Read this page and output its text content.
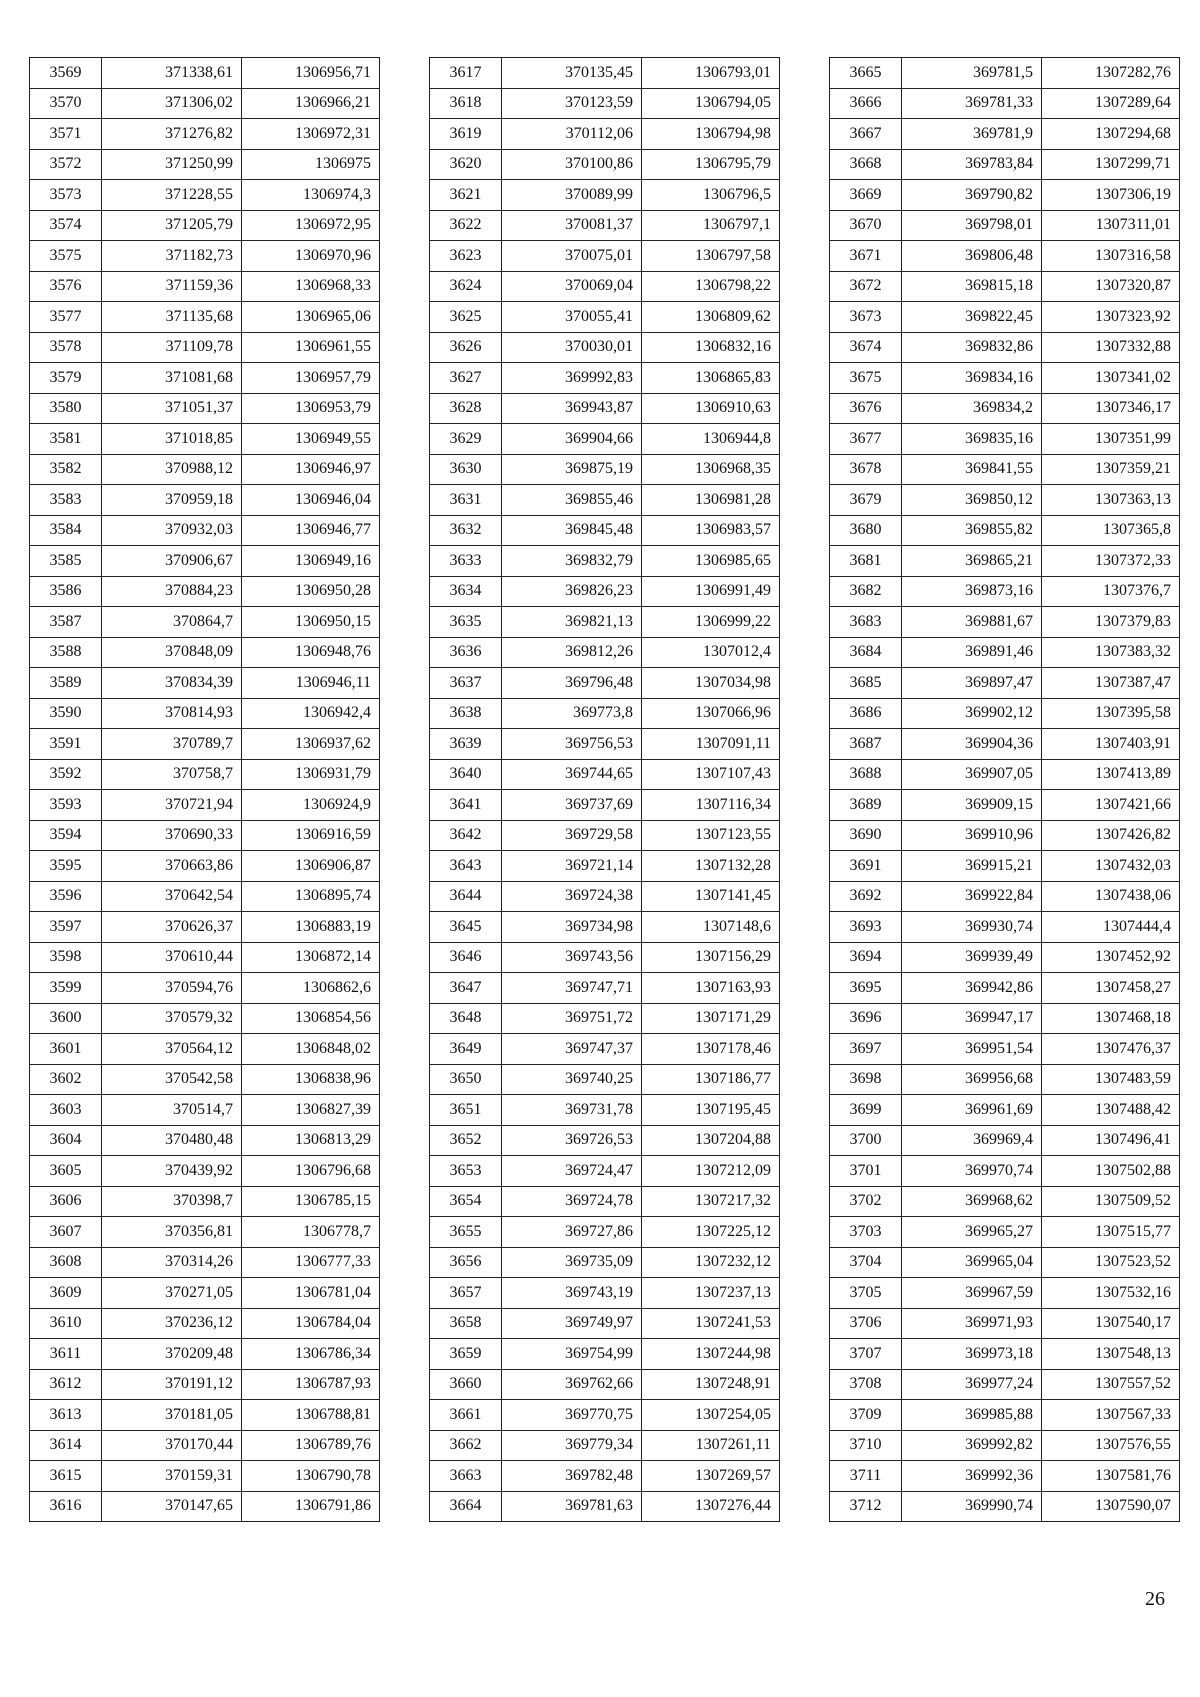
3569	371338,61	1306956,71
3570	371306,02	1306966,21
3571	371276,82	1306972,31
3572	371250,99	1306975
3573	371228,55	1306974,3
3574	371205,79	1306972,95
3575	371182,73	1306970,96
3576	371159,36	1306968,33
3577	371135,68	1306965,06
3578	371109,78	1306961,55
3579	371081,68	1306957,79
3580	371051,37	1306953,79
3581	371018,85	1306949,55
3582	370988,12	1306946,97
3583	370959,18	1306946,04
3584	370932,03	1306946,77
3585	370906,67	1306949,16
3586	370884,23	1306950,28
3587	370864,7	1306950,15
3588	370848,09	1306948,76
3589	370834,39	1306946,11
3590	370814,93	1306942,4
3591	370789,7	1306937,62
3592	370758,7	1306931,79
3593	370721,94	1306924,9
3594	370690,33	1306916,59
3595	370663,86	1306906,87
3596	370642,54	1306895,74
3597	370626,37	1306883,19
3598	370610,44	1306872,14
3599	370594,76	1306862,6
3600	370579,32	1306854,56
3601	370564,12	1306848,02
3602	370542,58	1306838,96
3603	370514,7	1306827,39
3604	370480,48	1306813,29
3605	370439,92	1306796,68
3606	370398,7	1306785,15
3607	370356,81	1306778,7
3608	370314,26	1306777,33
3609	370271,05	1306781,04
3610	370236,12	1306784,04
3611	370209,48	1306786,34
3612	370191,12	1306787,93
3613	370181,05	1306788,81
3614	370170,44	1306789,76
3615	370159,31	1306790,78
3616	370147,65	1306791,86
3617	370135,45	1306793,01
3618	370123,59	1306794,05
3619	370112,06	1306794,98
3620	370100,86	1306795,79
3621	370089,99	1306796,5
3622	370081,37	1306797,1
3623	370075,01	1306797,58
3624	370069,04	1306798,22
3625	370055,41	1306809,62
3626	370030,01	1306832,16
3627	369992,83	1306865,83
3628	369943,87	1306910,63
3629	369904,66	1306944,8
3630	369875,19	1306968,35
3631	369855,46	1306981,28
3632	369845,48	1306983,57
3633	369832,79	1306985,65
3634	369826,23	1306991,49
3635	369821,13	1306999,22
3636	369812,26	1307012,4
3637	369796,48	1307034,98
3638	369773,8	1307066,96
3639	369756,53	1307091,11
3640	369744,65	1307107,43
3641	369737,69	1307116,34
3642	369729,58	1307123,55
3643	369721,14	1307132,28
3644	369724,38	1307141,45
3645	369734,98	1307148,6
3646	369743,56	1307156,29
3647	369747,71	1307163,93
3648	369751,72	1307171,29
3649	369747,37	1307178,46
3650	369740,25	1307186,77
3651	369731,78	1307195,45
3652	369726,53	1307204,88
3653	369724,47	1307212,09
3654	369724,78	1307217,32
3655	369727,86	1307225,12
3656	369735,09	1307232,12
3657	369743,19	1307237,13
3658	369749,97	1307241,53
3659	369754,99	1307244,98
3660	369762,66	1307248,91
3661	369770,75	1307254,05
3662	369779,34	1307261,11
3663	369782,48	1307269,57
3664	369781,63	1307276,44
3665	369781,5	1307282,76
3666	369781,33	1307289,64
3667	369781,9	1307294,68
3668	369783,84	1307299,71
3669	369790,82	1307306,19
3670	369798,01	1307311,01
3671	369806,48	1307316,58
3672	369815,18	1307320,87
3673	369822,45	1307323,92
3674	369832,86	1307332,88
3675	369834,16	1307341,02
3676	369834,2	1307346,17
3677	369835,16	1307351,99
3678	369841,55	1307359,21
3679	369850,12	1307363,13
3680	369855,82	1307365,8
3681	369865,21	1307372,33
3682	369873,16	1307376,7
3683	369881,67	1307379,83
3684	369891,46	1307383,32
3685	369897,47	1307387,47
3686	369902,12	1307395,58
3687	369904,36	1307403,91
3688	369907,05	1307413,89
3689	369909,15	1307421,66
3690	369910,96	1307426,82
3691	369915,21	1307432,03
3692	369922,84	1307438,06
3693	369930,74	1307444,4
3694	369939,49	1307452,92
3695	369942,86	1307458,27
3696	369947,17	1307468,18
3697	369951,54	1307476,37
3698	369956,68	1307483,59
3699	369961,69	1307488,42
3700	369969,4	1307496,41
3701	369970,74	1307502,88
3702	369968,62	1307509,52
3703	369965,27	1307515,77
3704	369965,04	1307523,52
3705	369967,59	1307532,16
3706	369971,93	1307540,17
3707	369973,18	1307548,13
3708	369977,24	1307557,52
3709	369985,88	1307567,33
3710	369992,82	1307576,55
3711	369992,36	1307581,76
3712	369990,74	1307590,07
26
